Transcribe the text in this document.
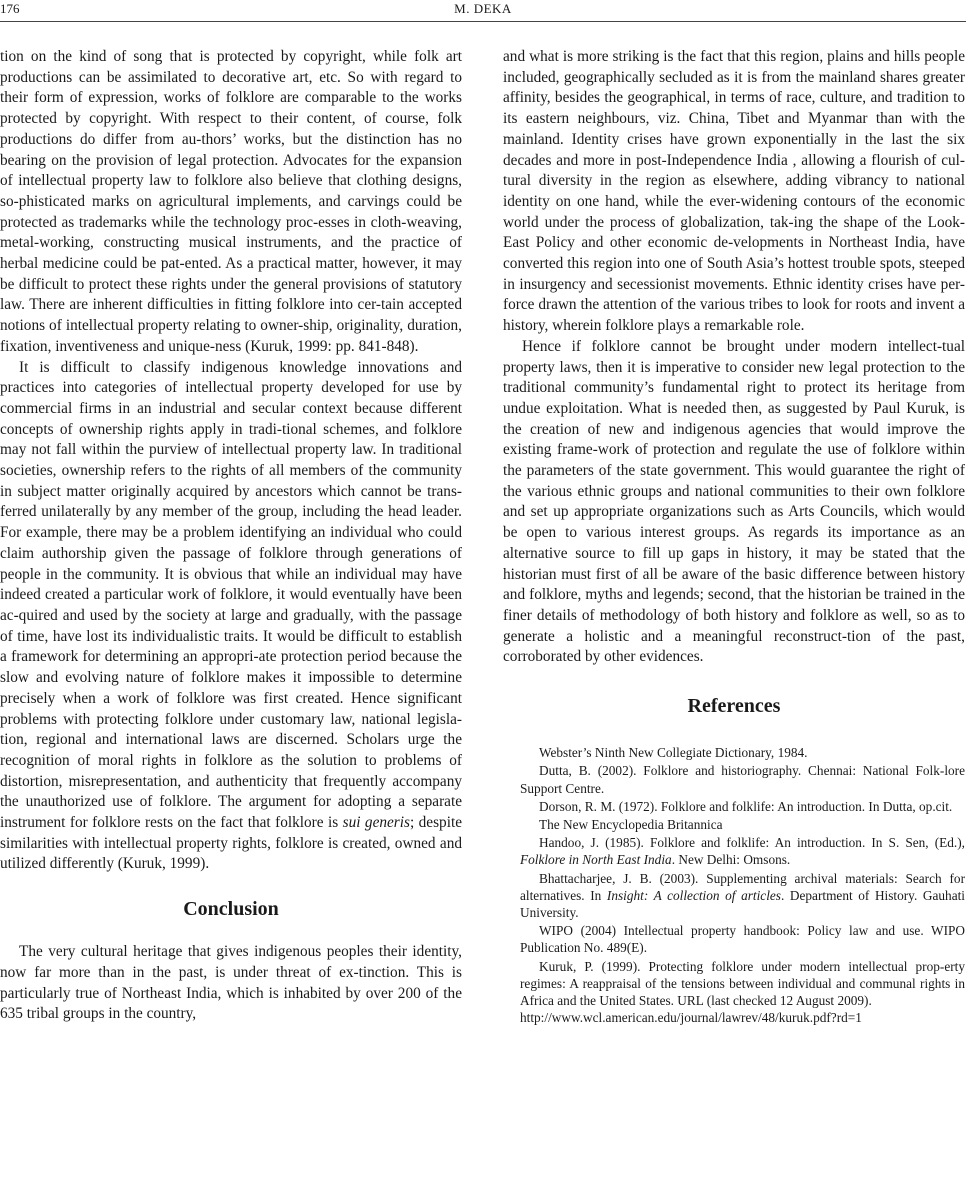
176	M. DEKA

tion on the kind of song that is protected by copyright, while folk art productions can be assimilated to decorative art, etc. So with regard to their form of expression, works of folklore are comparable to the works protected by copyright. With respect to their content, of course, folk productions do differ from au-thors’ works, but the distinction has no bearing on the provision of legal protection. Advocates for the expansion of intellectual property law to folklore also believe that clothing designs, so-phisticated marks on agricultural implements, and carvings could be protected as trademarks while the technology proc-esses in cloth-weaving, metal-working, constructing musical instruments, and the practice of herbal medicine could be pat-ented. As a practical matter, however, it may be difficult to protect these rights under the general provisions of statutory law. There are inherent difficulties in fitting folklore into cer-tain accepted notions of intellectual property relating to owner-ship, originality, duration, fixation, inventiveness and unique-ness (Kuruk, 1999: pp. 841-848).

It is difficult to classify indigenous knowledge innovations and practices into categories of intellectual property developed for use by commercial firms in an industrial and secular context because different concepts of ownership rights apply in tradi-tional schemes, and folklore may not fall within the purview of intellectual property law. In traditional societies, ownership refers to the rights of all members of the community in subject matter originally acquired by ancestors which cannot be trans-ferred unilaterally by any member of the group, including the head leader. For example, there may be a problem identifying an individual who could claim authorship given the passage of folklore through generations of people in the community. It is obvious that while an individual may have indeed created a particular work of folklore, it would eventually have been ac-quired and used by the society at large and gradually, with the passage of time, have lost its individualistic traits. It would be difficult to establish a framework for determining an appropri-ate protection period because the slow and evolving nature of folklore makes it impossible to determine precisely when a work of folklore was first created. Hence significant problems with protecting folklore under customary law, national legisla-tion, regional and international laws are discerned. Scholars urge the recognition of moral rights in folklore as the solution to problems of distortion, misrepresentation, and authenticity that frequently accompany the unauthorized use of folklore. The argument for adopting a separate instrument for folklore rests on the fact that folklore is sui generis; despite similarities with intellectual property rights, folklore is created, owned and utilized differently (Kuruk, 1999).

Conclusion

The very cultural heritage that gives indigenous peoples their identity, now far more than in the past, is under threat of ex-tinction. This is particularly true of Northeast India, which is inhabited by over 200 of the 635 tribal groups in the country,

and what is more striking is the fact that this region, plains and hills people included, geographically secluded as it is from the mainland shares greater affinity, besides the geographical, in terms of race, culture, and tradition to its eastern neighbours, viz. China, Tibet and Myanmar than with the mainland. Identity crises have grown exponentially in the last the six decades and more in post-Independence India , allowing a flourish of cul-tural diversity in the region as elsewhere, adding vibrancy to national identity on one hand, while the ever-widening contours of the economic world under the process of globalization, tak-ing the shape of the Look-East Policy and other economic de-velopments in Northeast India, have converted this region into one of South Asia’s hottest trouble spots, steeped in insurgency and secessionist movements. Ethnic identity crises have per-force drawn the attention of the various tribes to look for roots and invent a history, wherein folklore plays a remarkable role.

Hence if folklore cannot be brought under modern intellect-tual property laws, then it is imperative to consider new legal protection to the traditional community’s fundamental right to protect its heritage from undue exploitation. What is needed then, as suggested by Paul Kuruk, is the creation of new and indigenous agencies that would improve the existing frame-work of protection and regulate the use of folklore within the parameters of the state government. This would guarantee the right of the various ethnic groups and national communities to their own folklore and set up appropriate organizations such as Arts Councils, which would be open to various interest groups. As regards its importance as an alternative source to fill up gaps in history, it may be stated that the historian must first of all be aware of the basic difference between history and folklore, myths and legends; second, that the historian be trained in the finer details of methodology of both history and folklore as well, so as to generate a holistic and a meaningful reconstruct-tion of the past, corroborated by other evidences.

References

Webster’s Ninth New Collegiate Dictionary, 1984.

Dutta, B. (2002). Folklore and historiography. Chennai: National Folk-lore Support Centre.

Dorson, R. M. (1972). Folklore and folklife: An introduction. In Dutta, op.cit.

The New Encyclopedia Britannica

Handoo, J. (1985). Folklore and folklife: An introduction. In S. Sen, (Ed.), Folklore in North East India. New Delhi: Omsons.

Bhattacharjee, J. B. (2003). Supplementing archival materials: Search for alternatives. In Insight: A collection of articles. Department of History. Gauhati University.

WIPO (2004) Intellectual property handbook: Policy law and use. WIPO Publication No. 489(E).

Kuruk, P. (1999). Protecting folklore under modern intellectual prop-erty regimes: A reappraisal of the tensions between individual and communal rights in Africa and the United States. URL (last checked 12 August 2009).
http://www.wcl.american.edu/journal/lawrev/48/kuruk.pdf?rd=1
